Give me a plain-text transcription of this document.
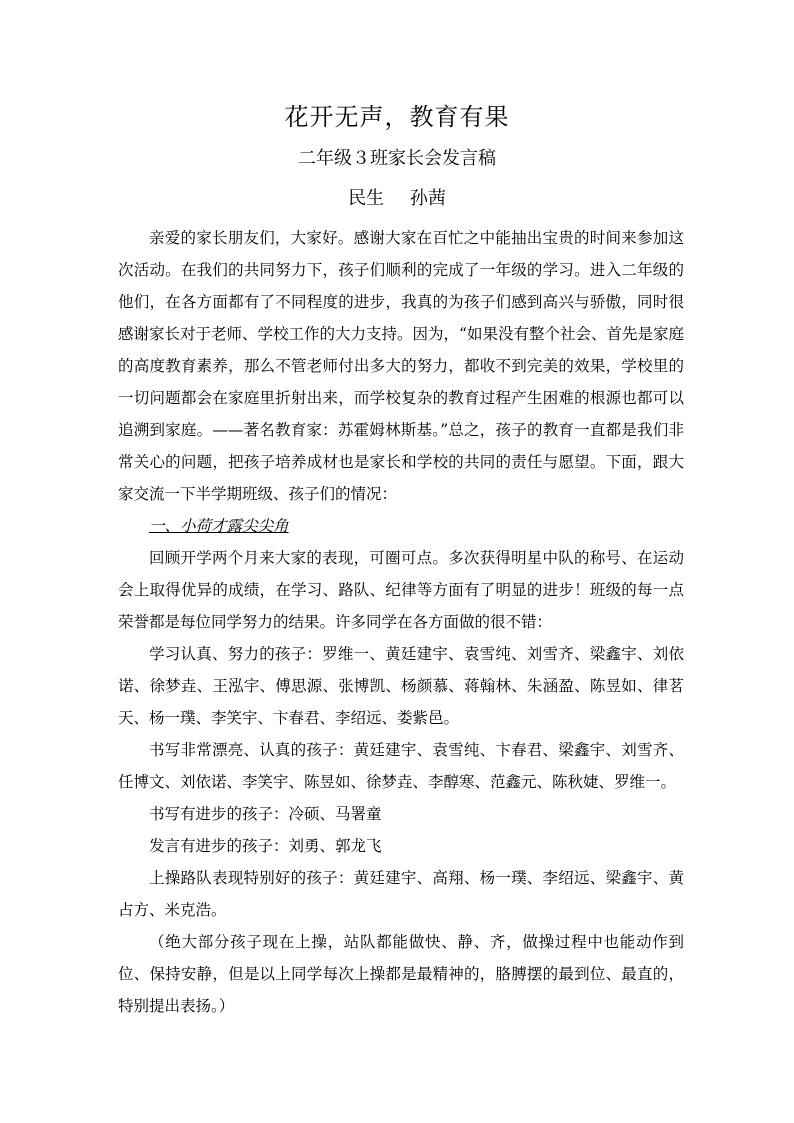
花开无声，教育有果
二年级３班家长会发言稿
民生 孙茜

亲爱的家长朋友们，大家好。感谢大家在百忙之中能抽出宝贵的时间来参加这次活动。在我们的共同努力下，孩子们顺利的完成了一年级的学习。进入二年级的他们，在各方面都有了不同程度的进步，我真的为孩子们感到高兴与骄傲，同时很感谢家长对于老师、学校工作的大力支持。因为，“如果没有整个社会、首先是家庭的高度教育素养，那么不管老师付出多大的努力，都收不到完美的效果，学校里的一切问题都会在家庭里折射出来，而学校复杂的教育过程产生困难的根源也都可以追溯到家庭。——著名教育家：苏霍姆林斯基。”总之，孩子的教育一直都是我们非常关心的问题，把孩子培养成材也是家长和学校的共同的责任与愿望。下面，跟大家交流一下半学期班级、孩子们的情况：

一、小荷才露尖尖角

回顾开学两个月来大家的表现，可圈可点。多次获得明星中队的称号、在运动会上取得优异的成绩，在学习、路队、纪律等方面有了明显的进步！班级的每一点荣誉都是每位同学努力的结果。许多同学在各方面做的很不错：

学习认真、努力的孩子：罗维一、黄廷建宇、袁雪纯、刘雪齐、梁鑫宇、刘依诺、徐梦垚、王泓宇、傅思源、张博凯、杨颜慕、蒋翰林、朱涵盈、陈昱如、律茗天、杨一璞、李笑宇、卞春君、李绍远、娄紫邑。

书写非常漂亮、认真的孩子：黄廷建宇、袁雪纯、卞春君、梁鑫宇、刘雪齐、任博文、刘依诺、李笑宇、陈昱如、徐梦垚、李醇寒、范鑫元、陈秋婕、罗维一。

书写有进步的孩子：冷硕、马署童

发言有进步的孩子：刘勇、郭龙飞

上操路队表现特别好的孩子：黄廷建宇、高翔、杨一璞、李绍远、梁鑫宇、黄占方、米克浩。

（绝大部分孩子现在上操，站队都能做快、静、齐，做操过程中也能动作到位、保持安静，但是以上同学每次上操都是最精神的，胳膊摆的最到位、最直的，特别提出表扬。）
